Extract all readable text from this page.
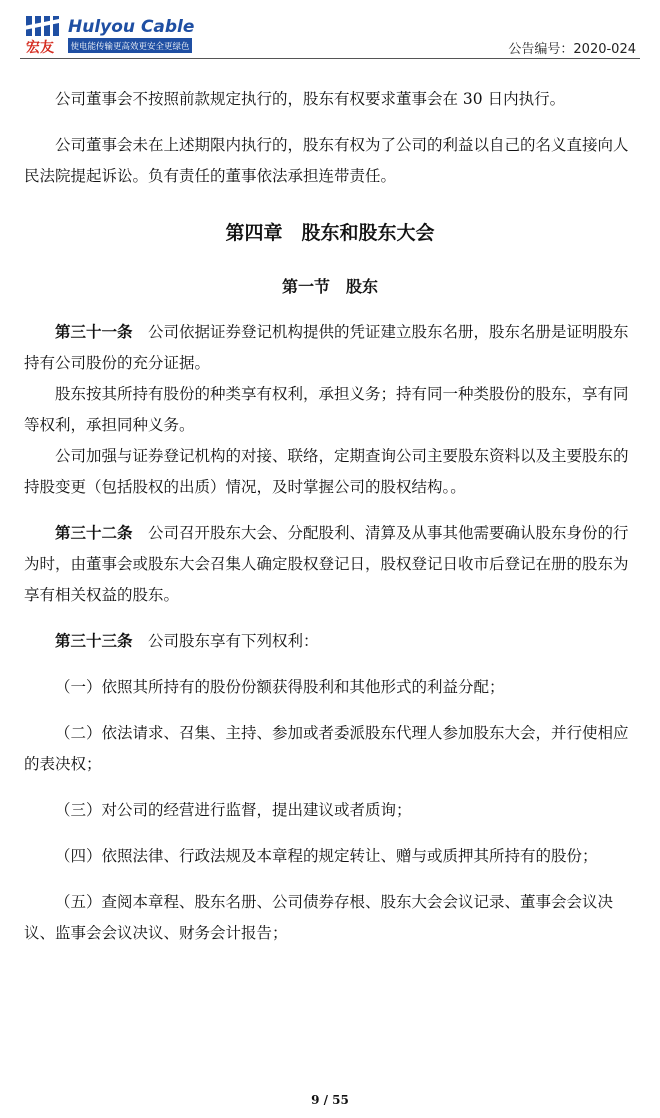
Hulyou Cable
宏友 使电能传输更高效更安全更绿色	公告编号：2020-024

公司董事会不按照前款规定执行的，股东有权要求董事会在 30 日内执行。

公司董事会未在上述期限内执行的，股东有权为了公司的利益以自己的名义直接向人民法院提起诉讼。负有责任的董事依法承担连带责任。

第四章　股东和股东大会

第一节　股东

第三十一条　公司依据证券登记机构提供的凭证建立股东名册，股东名册是证明股东持有公司股份的充分证据。

股东按其所持有股份的种类享有权利，承担义务；持有同一种类股份的股东，享有同等权利，承担同种义务。

公司加强与证券登记机构的对接、联络，定期查询公司主要股东资料以及主要股东的持股变更（包括股权的出质）情况，及时掌握公司的股权结构。。

第三十二条　公司召开股东大会、分配股利、清算及从事其他需要确认股东身份的行为时，由董事会或股东大会召集人确定股权登记日，股权登记日收市后登记在册的股东为享有相关权益的股东。

第三十三条　公司股东享有下列权利：

（一）依照其所持有的股份份额获得股利和其他形式的利益分配；

（二）依法请求、召集、主持、参加或者委派股东代理人参加股东大会，并行使相应的表决权；

（三）对公司的经营进行监督，提出建议或者质询；

（四）依照法律、行政法规及本章程的规定转让、赠与或质押其所持有的股份；

（五）查阅本章程、股东名册、公司债券存根、股东大会会议记录、董事会会议决议、监事会会议决议、财务会计报告；

9 / 55
